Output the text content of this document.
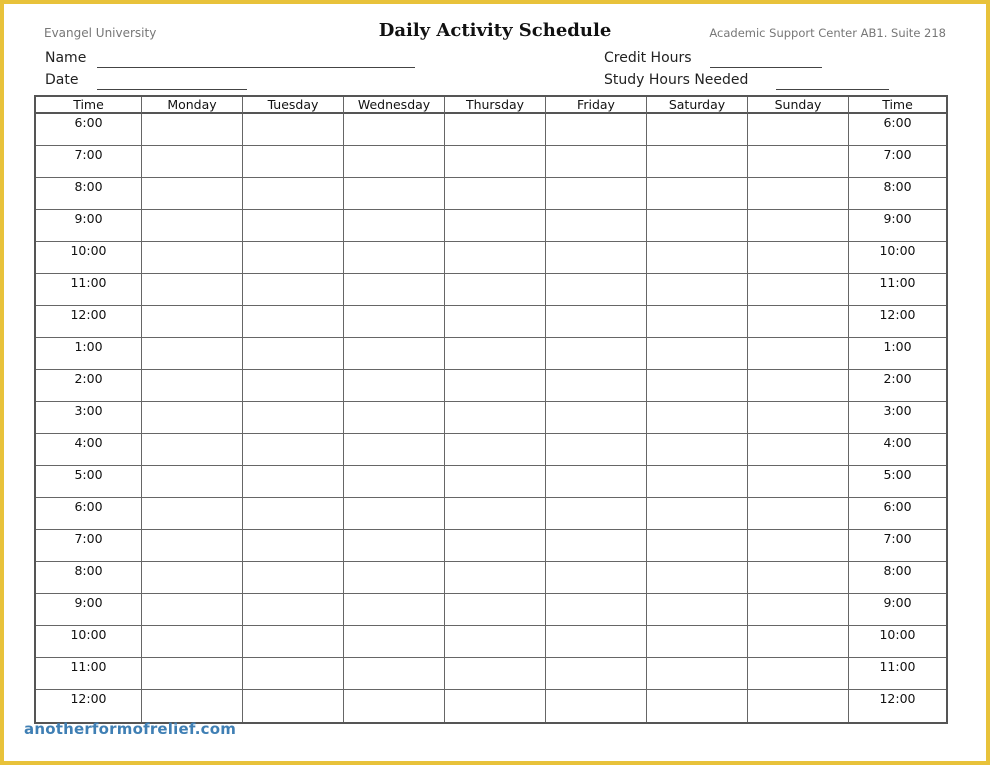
Evangel University	Daily Activity Schedule	Academic Support Center AB1. Suite 218
Name
Date
Credit Hours
Study Hours Needed
Time	Monday	Tuesday	Wednesday	Thursday	Friday	Saturday	Sunday	Time
6:00	6:00
7:00	7:00
8:00	8:00
9:00	9:00
10:00	10:00
11:00	11:00
12:00	12:00
1:00	1:00
2:00	2:00
3:00	3:00
4:00	4:00
5:00	5:00
6:00	6:00
7:00	7:00
8:00	8:00
9:00	9:00
10:00	10:00
11:00	11:00
12:00	12:00
anotherformofrelief.com
